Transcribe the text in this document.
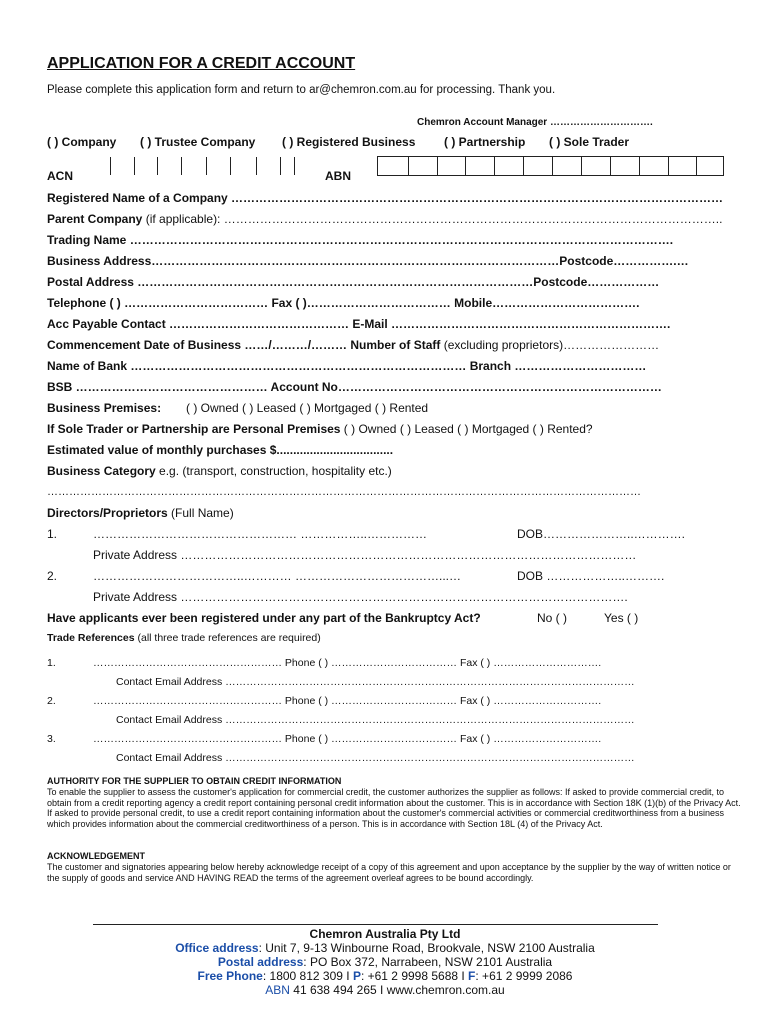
APPLICATION FOR A CREDIT ACCOUNT
Please complete this application form and return to ar@chemron.com.au for processing. Thank you.
Chemron Account Manager ………………………….
( ) Company ( ) Trustee Company ( ) Registered Business ( ) Partnership ( ) Sole Trader
ACN	ABN
Registered Name of a Company ……………………………………………………………………………………………………………
Parent Company (if applicable): ……………………………………………………………………………………………………………..
Trading Name ……………………………………………………………………………………………………………………….
Business Address…………………………………………………………………………………………Postcode…………….…
Postal Address ………………………………………………………………………………………Postcode………………
Telephone ( ) ……………………………… Fax ( )……………………………… Mobile……………………………….
Acc Payable Contact ……………………………………… E-Mail …………………………………………………………….
Commencement Date of Business ……/………/……… Number of Staff (excluding proprietors)……………………
Name of Bank ………………………………………………………………………… Branch ……………………………
BSB ………………………………………… Account No………………………………………………………………………
Business Premises: ( ) Owned ( ) Leased ( ) Mortgaged ( ) Rented
If Sole Trader or Partnership are Personal Premises ( ) Owned ( ) Leased ( ) Mortgaged ( ) Rented?
Estimated value of monthly purchases $...................................
Business Category e.g. (transport, construction, hospitality etc.)
………………………………………………………………………………………………………………………………………………
Directors/Proprietors (Full Name)
1.	…………………………………………… ……………..……………	DOB…………………..………….
Private Address ……………………………………………………………………………………………………
2.	………………………………..………… ………………………………...…	DOB ………………..……….
Private Address ………………………………………………………………………………………………….
Have applicants ever been registered under any part of the Bankruptcy Act?	No ( )	Yes ( )
Trade References (all three trade references are required)
1.	……………………………………………… Phone ( ) ……………………………… Fax ( ) ………………………….
Contact Email Address ………………………………………………………………………………………………………
2.	……………………………………………… Phone ( ) ……………………………… Fax ( ) ………………………….
Contact Email Address ………………………………………………………………………………………………………
3.	……………………………………………… Phone ( ) ……………………………… Fax ( ) ………………………….
Contact Email Address ………………………………………………………………………………………………………
AUTHORITY FOR THE SUPPLIER TO OBTAIN CREDIT INFORMATION
To enable the supplier to assess the customer's application for commercial credit, the customer authorizes the supplier as follows: If asked to provide commercial credit, to obtain from a credit reporting agency a credit report containing personal credit information about the customer. This is in accordance with Section 18K (1)(b) of the Privacy Act. If asked to provide personal credit, to use a credit report containing information about the customer's commercial activities or commercial creditworthiness from a business which provides information about the commercial creditworthiness of a person. This is in accordance with Section 18L (4) of the Privacy Act.
ACKNOWLEDGEMENT
The customer and signatories appearing below hereby acknowledge receipt of a copy of this agreement and upon acceptance by the supplier by the way of written notice or the supply of goods and service AND HAVING READ the terms of the agreement overleaf agrees to be bound accordingly.
Chemron Australia Pty Ltd
Office address: Unit 7, 9-13 Winbourne Road, Brookvale, NSW 2100 Australia
Postal address: PO Box 372, Narrabeen, NSW 2101 Australia
Free Phone: 1800 812 309 I P: +61 2 9998 5688 I F: +61 2 9999 2086
ABN 41 638 494 265 I www.chemron.com.au
